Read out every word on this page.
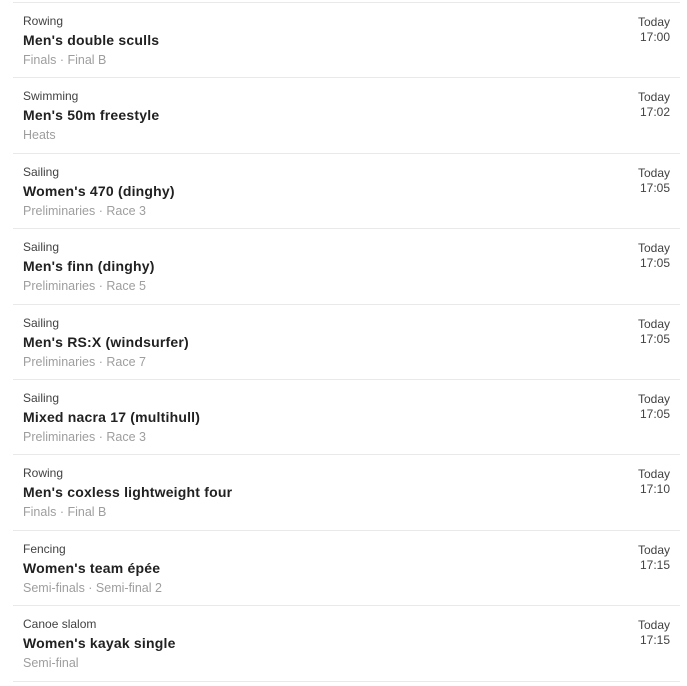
Rowing
Men's double sculls
Finals · Final B
Today
17:00
Swimming
Men's 50m freestyle
Heats
Today
17:02
Sailing
Women's 470 (dinghy)
Preliminaries · Race 3
Today
17:05
Sailing
Men's finn (dinghy)
Preliminaries · Race 5
Today
17:05
Sailing
Men's RS:X (windsurfer)
Preliminaries · Race 7
Today
17:05
Sailing
Mixed nacra 17 (multihull)
Preliminaries · Race 3
Today
17:05
Rowing
Men's coxless lightweight four
Finals · Final B
Today
17:10
Fencing
Women's team épée
Semi-finals · Semi-final 2
Today
17:15
Canoe slalom
Women's kayak single
Semi-final
Today
17:15
